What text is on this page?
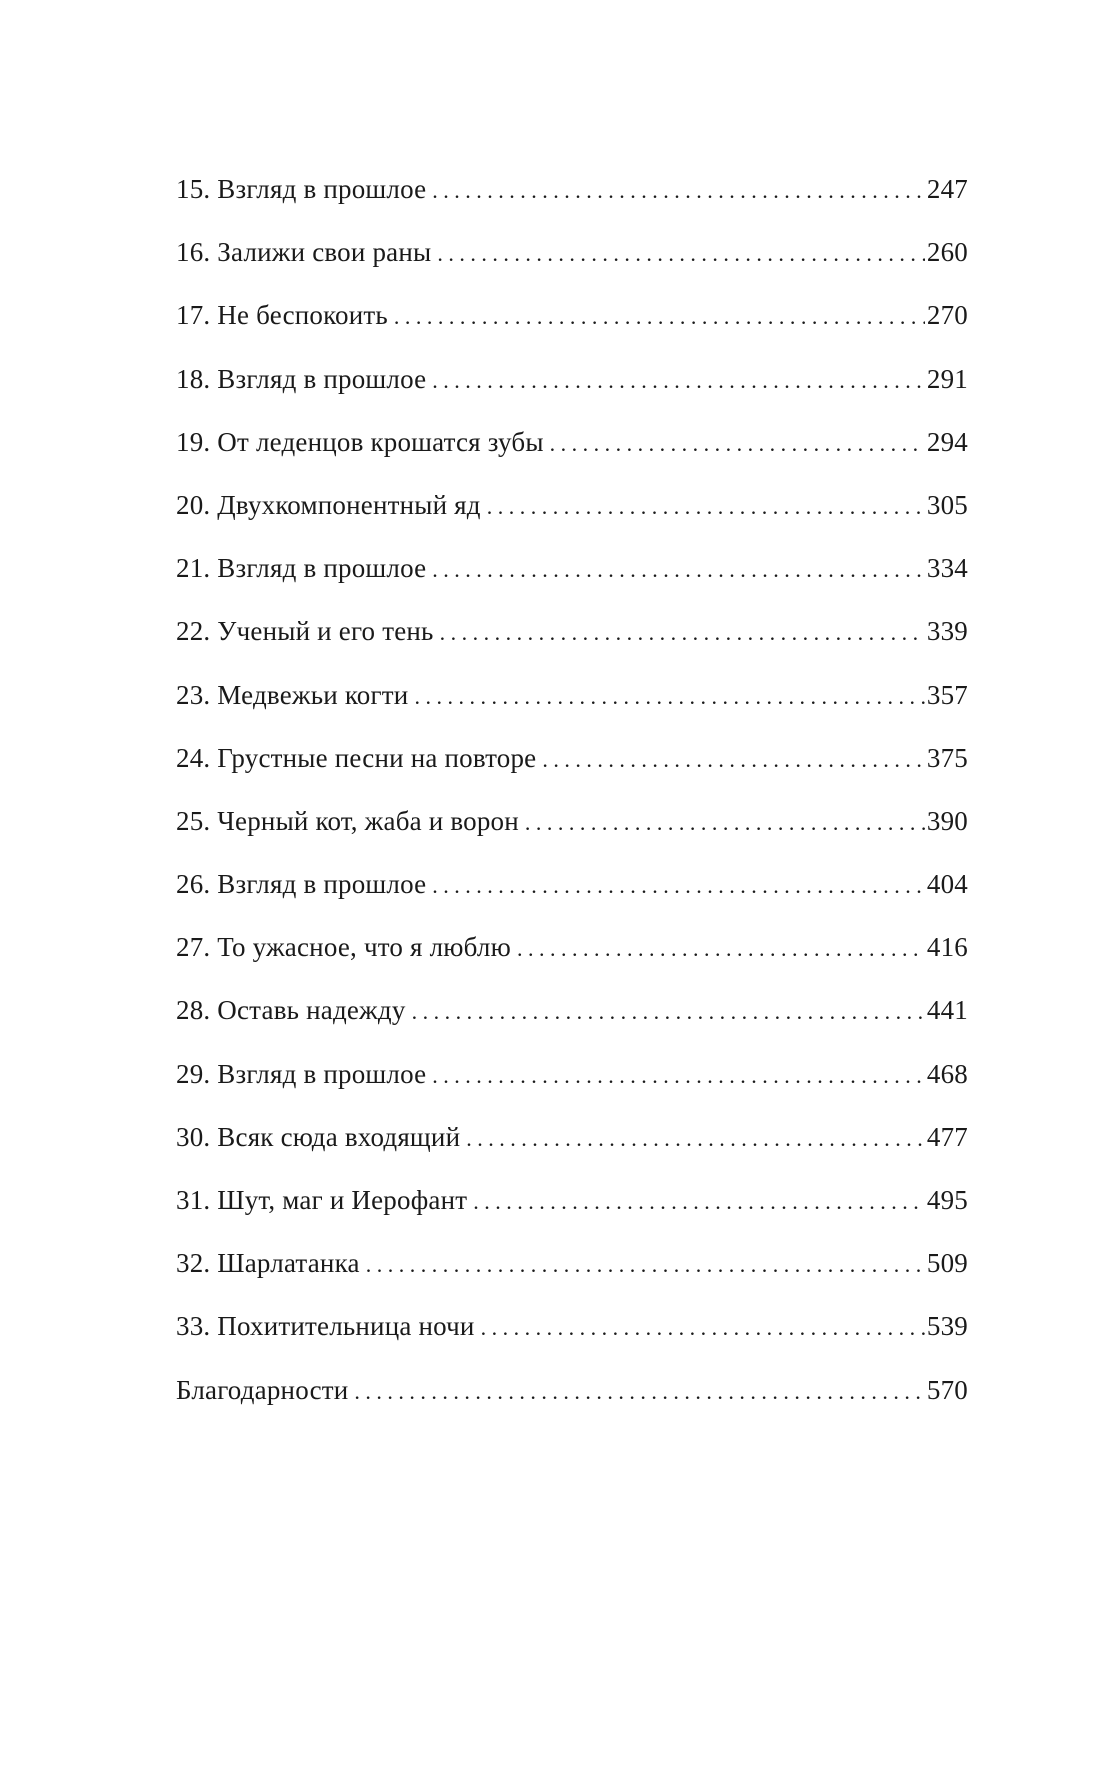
15. Взгляд в прошлое . . .	247
16. Залижи свои раны . . .	260
17. Не беспокоить . . .	270
18. Взгляд в прошлое . . .	291
19. От леденцов крошатся зубы . . .	294
20. Двухкомпонентный яд . . .	305
21. Взгляд в прошлое . . .	334
22. Ученый и его тень . . .	339
23. Медвежьи когти . . .	357
24. Грустные песни на повторе . . .	375
25. Черный кот, жаба и ворон . . .	390
26. Взгляд в прошлое . . .	404
27. То ужасное, что я люблю . . .	416
28. Оставь надежду . . .	441
29. Взгляд в прошлое . . .	468
30. Всяк сюда входящий . . .	477
31. Шут, маг и Иерофант . . .	495
32. Шарлатанка . . .	509
33. Похитительница ночи . . .	539
Благодарности . . .	570
